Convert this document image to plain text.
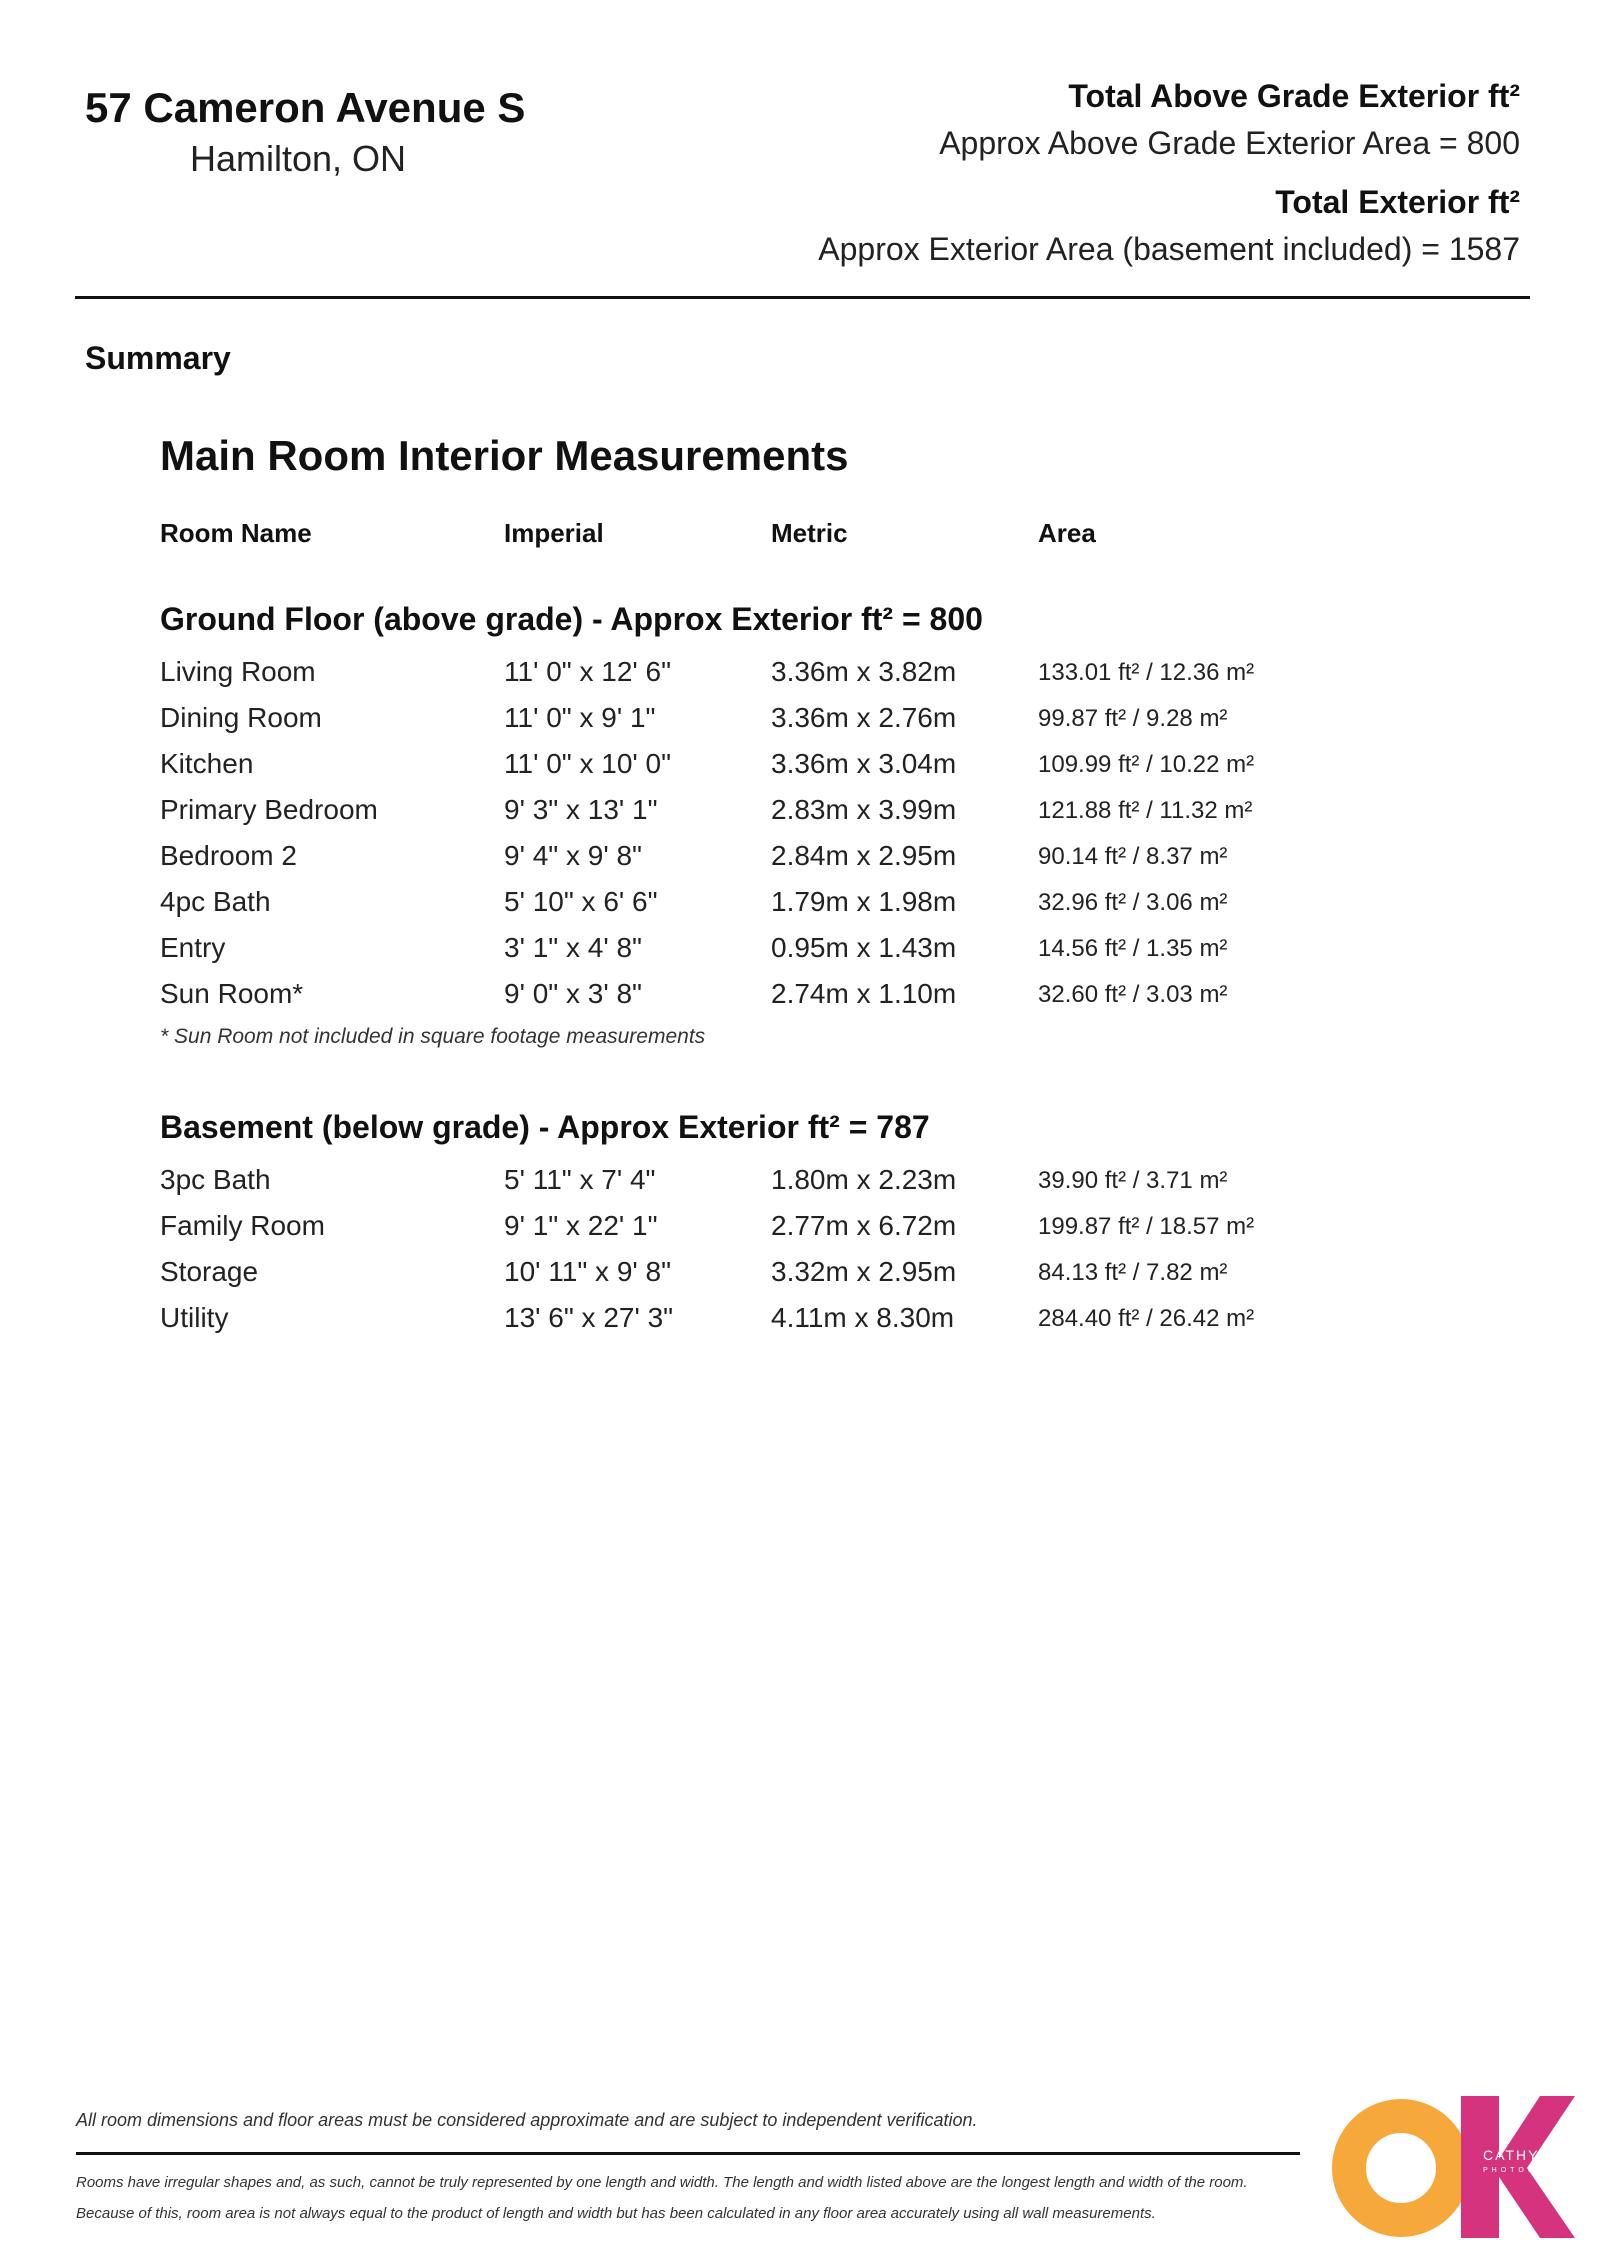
57 Cameron Avenue S
Hamilton, ON
Total Above Grade Exterior ft²
Approx Above Grade Exterior Area = 800
Total Exterior ft²
Approx Exterior Area (basement included) = 1587
Summary
Main Room Interior Measurements
Room Name	Imperial	Metric	Area
Ground Floor (above grade) - Approx Exterior ft² = 800
Living Room	11' 0" x 12' 6"	3.36m x 3.82m	133.01 ft² / 12.36 m²
Dining Room	11' 0" x 9' 1"	3.36m x 2.76m	99.87 ft² / 9.28 m²
Kitchen	11' 0" x 10' 0"	3.36m x 3.04m	109.99 ft² / 10.22 m²
Primary Bedroom	9' 3" x 13' 1"	2.83m x 3.99m	121.88 ft² / 11.32 m²
Bedroom 2	9' 4" x 9' 8"	2.84m x 2.95m	90.14 ft² / 8.37 m²
4pc Bath	5' 10" x 6' 6"	1.79m x 1.98m	32.96 ft² / 3.06 m²
Entry	3' 1" x 4' 8"	0.95m x 1.43m	14.56 ft² / 1.35 m²
Sun Room*	9' 0" x 3' 8"	2.74m x 1.10m	32.60 ft² / 3.03 m²
* Sun Room not included in square footage measurements
Basement (below grade) - Approx Exterior ft² = 787
3pc Bath	5' 11" x 7' 4"	1.80m x 2.23m	39.90 ft² / 3.71 m²
Family Room	9' 1" x 22' 1"	2.77m x 6.72m	199.87 ft² / 18.57 m²
Storage	10' 11" x 9' 8"	3.32m x 2.95m	84.13 ft² / 7.82 m²
Utility	13' 6" x 27' 3"	4.11m x 8.30m	284.40 ft² / 26.42 m²
All room dimensions and floor areas must be considered approximate and are subject to independent verification.
Rooms have irregular shapes and, as such, cannot be truly represented by one length and width. The length and width listed above are the longest length and width of the room.
Because of this, room area is not always equal to the product of length and width but has been calculated in any floor area accurately using all wall measurements.
CATHY KOOP
PHOTOGRAPHY
